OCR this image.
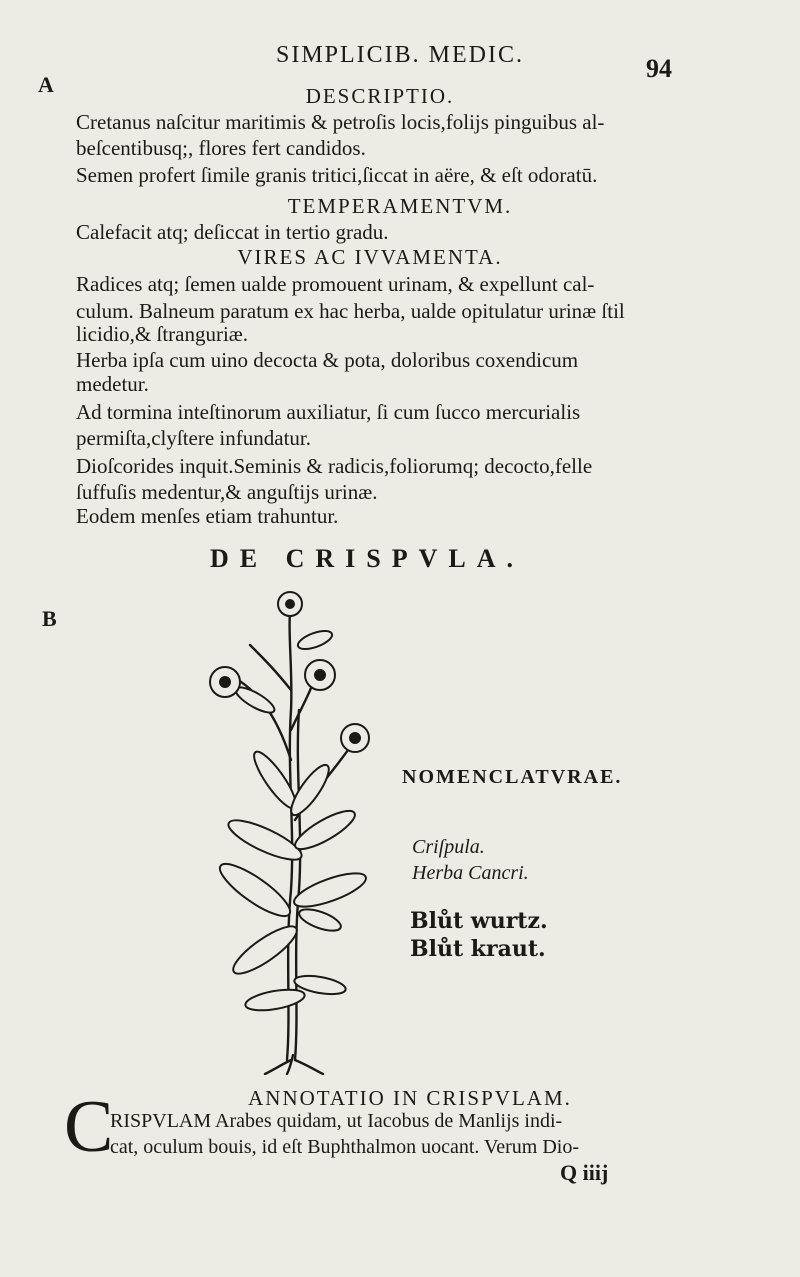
A
B
SIMPLICIB. MEDIC.	94
DESCRIPTIO.
Cretanus naſcitur maritimis & petroſis locis,folijs pinguibus al-
beſcentibusq;, flores fert candidos.
Semen profert ſimile granis tritici,ſiccat in aëre, & eſt odoratū.
TEMPERAMENTVM.
Calefacit atq; deſiccat in tertio gradu.
VIRES AC IVVAMENTA.
Radices atq; ſemen ualde promouent urinam, & expellunt cal-
culum. Balneum paratum ex hac herba, ualde opitulatur urinæ ſtil
licidio,& ſtranguriæ.
Herba ipſa cum uino decocta & pota, doloribus coxendicum
medetur.
Ad tormina inteſtinorum auxiliatur, ſi cum ſucco mercurialis
permiſta,clyſtere infundatur.
Dioſcorides inquit.Seminis & radicis,foliorumq; decocto,felle
ſuffuſis medentur,& anguſtijs urinæ.
Eodem menſes etiam trahuntur.
DE CRISPVLA.
NOMENCLATVRAE.
Criſpula.
Herba Cancri.
Blůt wurtz.
Blůt kraut.
ANNOTATIO IN CRISPVLAM.
C
RISPVLAM Arabes quidam, ut Iacobus de Manlijs indi-
cat, oculum bouis, id eſt Buphthalmon uocant. Verum Dio-
Q iiij
